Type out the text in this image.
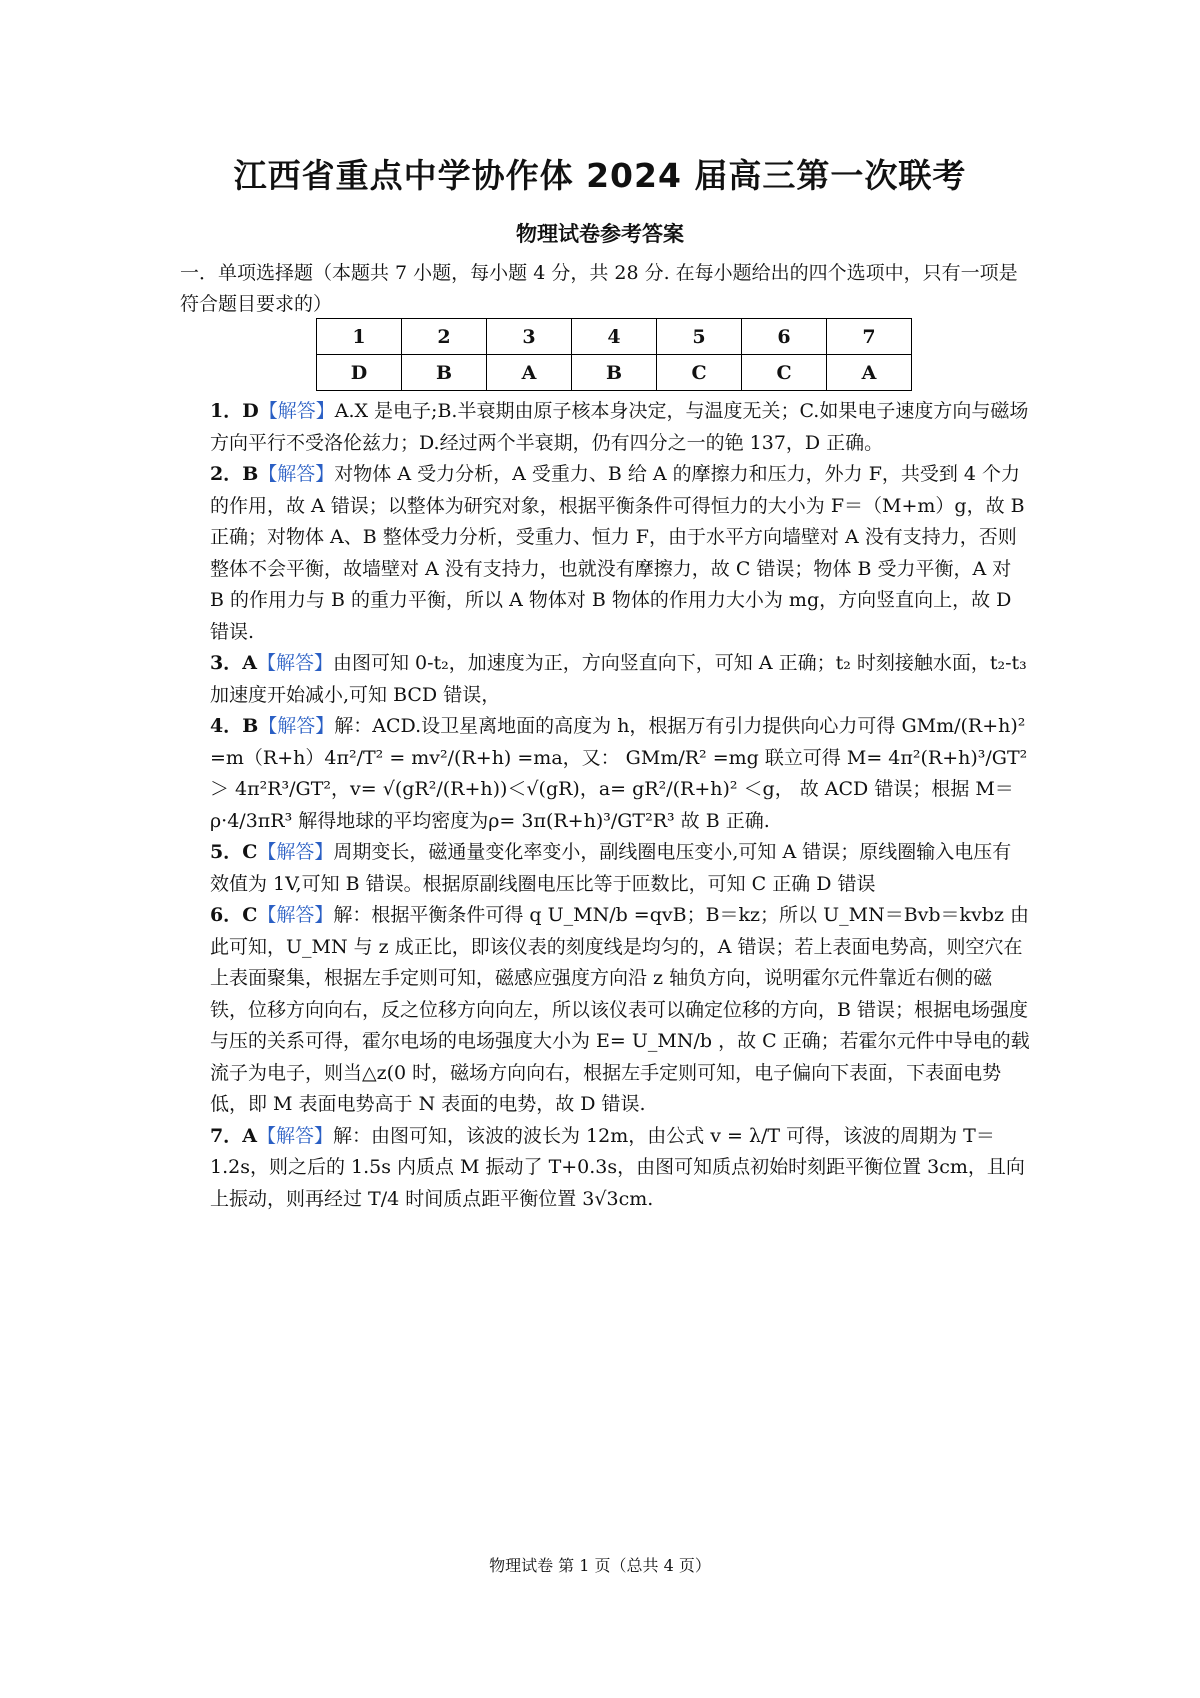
江西省重点中学协作体 2024 届高三第一次联考
物理试卷参考答案
一．单项选择题（本题共 7 小题，每小题 4 分，共 28 分. 在每小题给出的四个选项中，只有一项是符合题目要求的）
1	2	3	4	5	6	7
D	B	A	B	C	C	A

1．D【解答】A.X 是电子;B.半衰期由原子核本身决定，与温度无关；C.如果电子速度方向与磁场方向平行不受洛伦兹力；D.经过两个半衰期，仍有四分之一的铯 137，D 正确。

2．B【解答】对物体 A 受力分析，A 受重力、B 给 A 的摩擦力和压力，外力 F，共受到 4 个力的作用，故 A 错误；以整体为研究对象，根据平衡条件可得恒力的大小为 F＝（M+m）g，故 B 正确；对物体 A、B 整体受力分析，受重力、恒力 F，由于水平方向墙壁对 A 没有支持力，否则整体不会平衡，故墙壁对 A 没有支持力，也就没有摩擦力，故 C 错误；物体 B 受力平衡，A 对 B 的作用力与 B 的重力平衡，所以 A 物体对 B 物体的作用力大小为 mg，方向竖直向上，故 D 错误.

3．A【解答】由图可知 0-t₂，加速度为正，方向竖直向下，可知 A 正确；t₂ 时刻接触水面，t₂-t₃ 加速度开始减小,可知 BCD 错误，

4．B【解答】解：ACD.设卫星离地面的高度为 h，根据万有引力提供向心力可得 GMm/(R+h)² =m（R+h）4π²/T² = mv²/(R+h) =ma，又： GMm/R² =mg 联立可得 M= 4π²(R+h)³/GT² ＞ 4π²R³/GT²，v= √(gR²/(R+h))＜√(gR)，a= gR²/(R+h)² ＜g， 故 ACD 错误；根据 M＝ρ·4/3πR³ 解得地球的平均密度为ρ= 3π(R+h)³/GT²R³ 故 B 正确.

5．C【解答】周期变长，磁通量变化率变小，副线圈电压变小,可知 A 错误；原线圈输入电压有效值为 1V,可知 B 错误。根据原副线圈电压比等于匝数比，可知 C 正确 D 错误

6．C【解答】解：根据平衡条件可得 q U_MN/b =qvB；B＝kz；所以 U_MN＝Bvb＝kvbz 由此可知，U_MN 与 z 成正比，即该仪表的刻度线是均匀的，A 错误；若上表面电势高，则空穴在上表面聚集，根据左手定则可知，磁感应强度方向沿 z 轴负方向，说明霍尔元件靠近右侧的磁铁，位移方向向右，反之位移方向向左，所以该仪表可以确定位移的方向，B 错误；根据电场强度与压的关系可得，霍尔电场的电场强度大小为 E= U_MN/b ，故 C 正确；若霍尔元件中导电的载流子为电子，则当△z(0 时，磁场方向向右，根据左手定则可知，电子偏向下表面，下表面电势低，即 M 表面电势高于 N 表面的电势，故 D 错误.

7．A【解答】解：由图可知，该波的波长为 12m，由公式 v = λ/T 可得，该波的周期为 T＝1.2s，则之后的 1.5s 内质点 M 振动了 T+0.3s，由图可知质点初始时刻距平衡位置 3cm，且向上振动，则再经过 T/4 时间质点距平衡位置 3√3cm.

物理试卷 第 1 页（总共 4 页）
